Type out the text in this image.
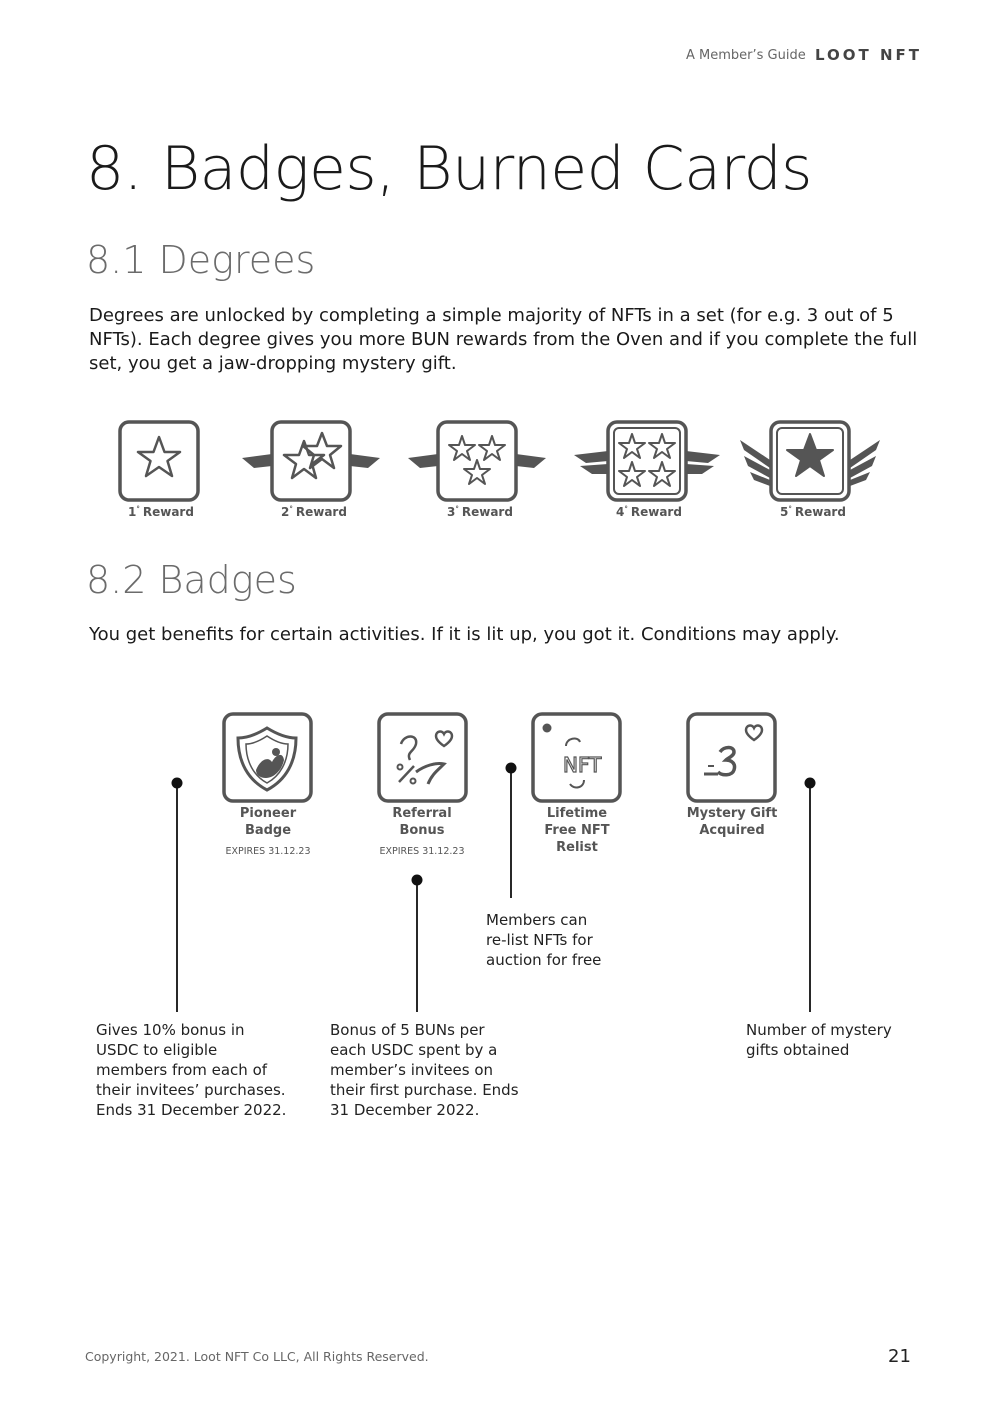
A Member’s Guide LOOT NFT
8. Badges, Burned Cards
8.1 Degrees

Degrees are unlocked by completing a simple majority of NFTs in a set (for e.g. 3 out of 5 NFTs). Each degree gives you more BUN rewards from the Oven and if you complete the full set, you get a jaw-dropping mystery gift.

1° Reward	2° Reward	3° Reward	4° Reward	5° Reward
8.2 Badges

You get benefits for certain activities. If it is lit up, you got it. Conditions may apply.

NFT
Pioneer
Badge
EXPIRES 31.12.23
Referral
Bonus
EXPIRES 31.12.23
Lifetime
Free NFT
Relist
Mystery Gift
Acquired
Members can
re-list NFTs for
auction for free
Gives 10% bonus in
USDC to eligible
members from each of
their invitees’ purchases.
Ends 31 December 2022.
Bonus of 5 BUNs per
each USDC spent by a
member’s invitees on
their first purchase. Ends
31 December 2022.
Number of mystery
gifts obtained
Copyright, 2021. Loot NFT Co LLC, All Rights Reserved.	21
